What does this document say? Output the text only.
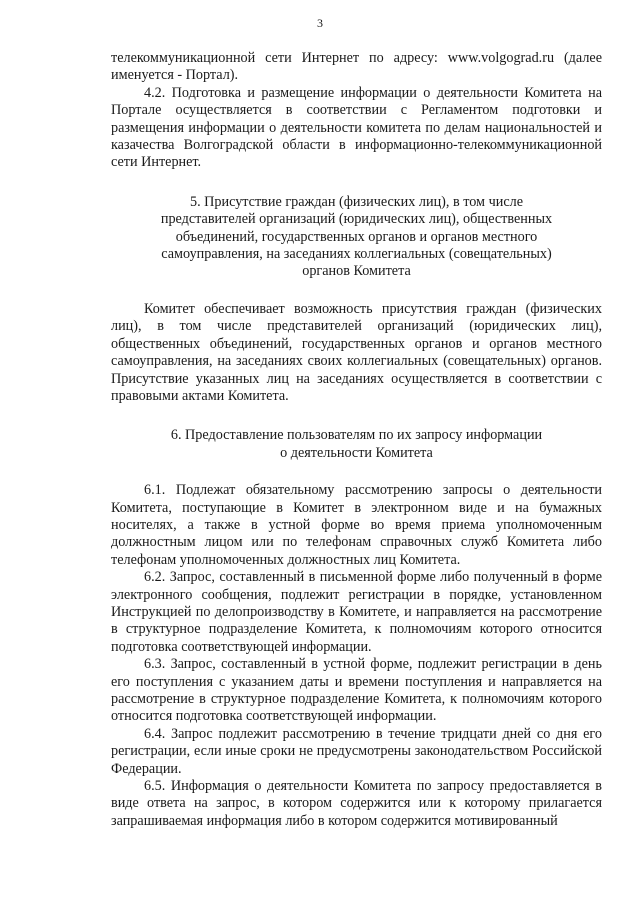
3

телекоммуникационной сети Интернет по адресу: www.volgograd.ru (далее именуется - Портал).

4.2. Подготовка и размещение информации о деятельности Комитета на Портале осуществляется в соответствии с Регламентом подготовки и размещения информации о деятельности комитета по делам национальностей и казачества Волгоградской области в информационно-телекоммуникационной сети Интернет.

5. Присутствие граждан (физических лиц), в том числе
представителей организаций (юридических лиц), общественных
объединений, государственных органов и органов местного
самоуправления, на заседаниях коллегиальных (совещательных)
органов Комитета

Комитет обеспечивает возможность присутствия граждан (физических лиц), в том числе представителей организаций (юридических лиц), общественных объединений, государственных органов и органов местного самоуправления, на заседаниях своих коллегиальных (совещательных) органов. Присутствие указанных лиц на заседаниях осуществляется в соответствии с правовыми актами Комитета.

6. Предоставление пользователям по их запросу информации
о деятельности Комитета

6.1. Подлежат обязательному рассмотрению запросы о деятельности Комитета, поступающие в Комитет в электронном виде и на бумажных носителях, а также в устной форме во время приема уполномоченным должностным лицом или по телефонам справочных служб Комитета либо телефонам уполномоченных должностных лиц Комитета.

6.2. Запрос, составленный в письменной форме либо полученный в форме электронного сообщения, подлежит регистрации в порядке, установленном Инструкцией по делопроизводству в Комитете, и направляется на рассмотрение в структурное подразделение Комитета, к полномочиям которого относится подготовка соответствующей информации.

6.3. Запрос, составленный в устной форме, подлежит регистрации в день его поступления с указанием даты и времени поступления и направляется на рассмотрение в структурное подразделение Комитета, к полномочиям которого относится подготовка соответствующей информации.

6.4. Запрос подлежит рассмотрению в течение тридцати дней со дня его регистрации, если иные сроки не предусмотрены законодательством Российской Федерации.

6.5. Информация о деятельности Комитета по запросу предоставляется в виде ответа на запрос, в котором содержится или к которому прилагается запрашиваемая информация либо в котором содержится мотивированный
